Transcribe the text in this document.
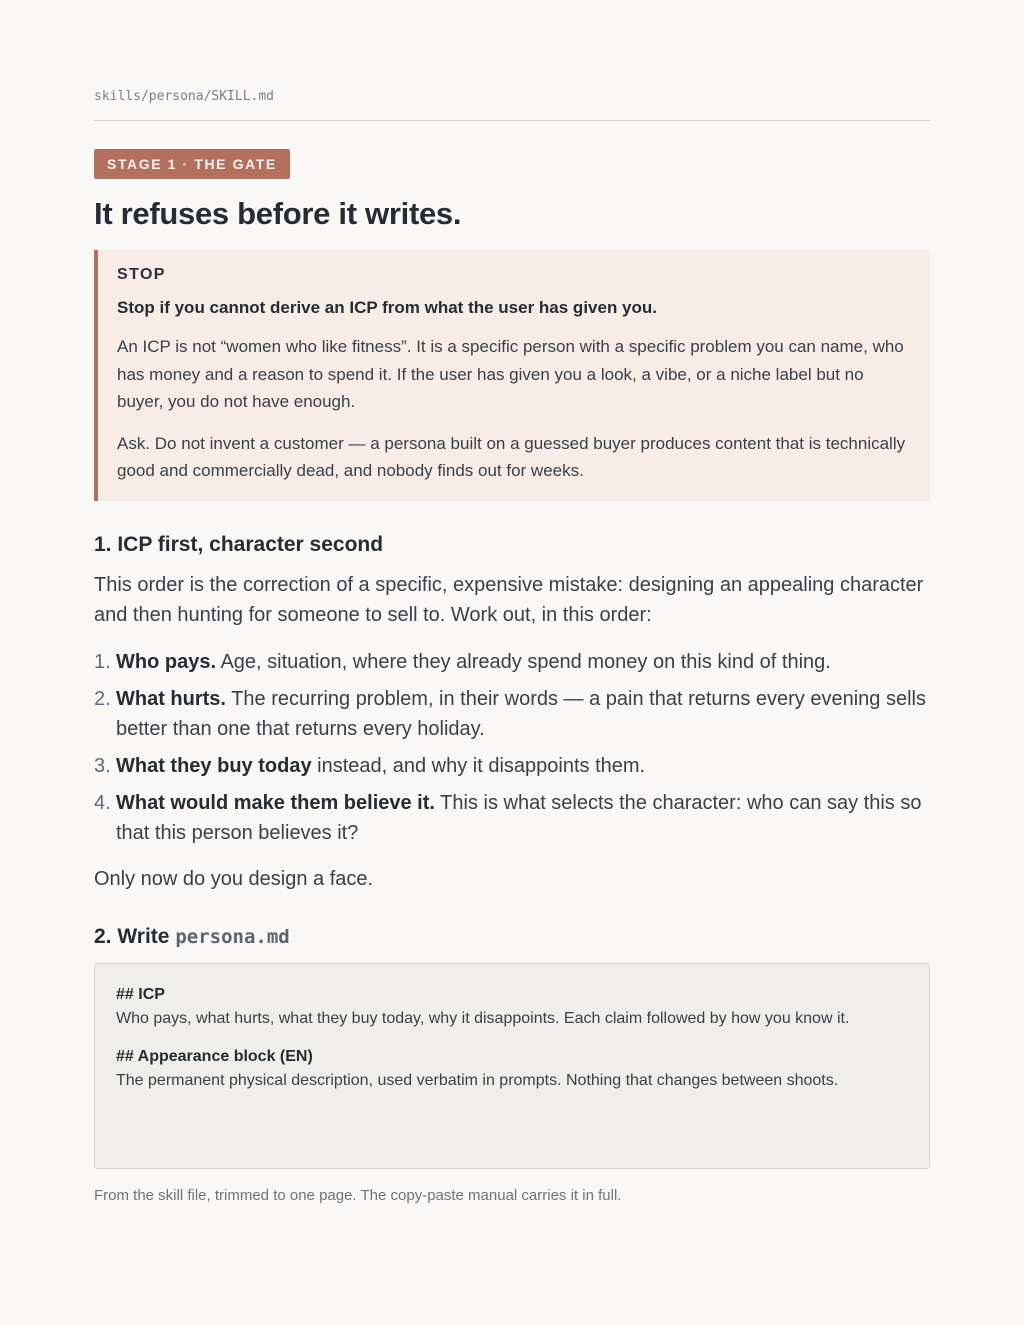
skills/persona/SKILL.md
STAGE 1 · THE GATE
It refuses before it writes.
STOP
Stop if you cannot derive an ICP from what the user has given you.

An ICP is not “women who like fitness”. It is a specific person with a specific problem you can name, who has money and a reason to spend it. If the user has given you a look, a vibe, or a niche label but no buyer, you do not have enough.

Ask. Do not invent a customer — a persona built on a guessed buyer produces content that is technically good and commercially dead, and nobody finds out for weeks.

1. ICP first, character second

This order is the correction of a specific, expensive mistake: designing an appealing character and then hunting for someone to sell to. Work out, in this order:

1. Who pays. Age, situation, where they already spend money on this kind of thing.
2. What hurts. The recurring problem, in their words — a pain that returns every evening sells better than one that returns every holiday.
3. What they buy today instead, and why it disappoints them.
4. What would make them believe it. This is what selects the character: who can say this so that this person believes it?

Only now do you design a face.

2. Write persona.md
## ICP
Who pays, what hurts, what they buy today, why it disappoints. Each claim followed by how you know it.
## Appearance block (EN)
The permanent physical description, used verbatim in prompts. Nothing that changes between shoots.
From the skill file, trimmed to one page. The copy-paste manual carries it in full.
